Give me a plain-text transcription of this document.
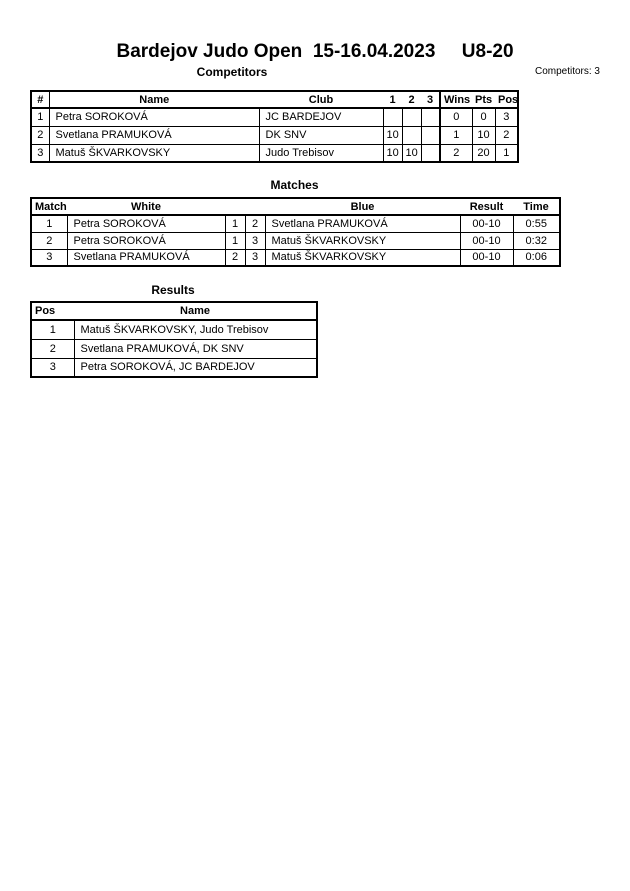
Bardejov Judo Open  15-16.04.2023     U8-20
Competitors	Competitors: 3
#	Name	Club	1	2	3	Wins	Pts	Pos
1	Petra SOROKOVÁ	JC BARDEJOV				0	0	3
2	Svetlana PRAMUKOVÁ	DK SNV	10			1	10	2
3	Matuš ŠKVARKOVSKY	Judo Trebisov	10	10		2	20	1
Matches
Match	White			Blue	Result	Time
1	Petra SOROKOVÁ	1	2	Svetlana PRAMUKOVÁ	00-10	0:55
2	Petra SOROKOVÁ	1	3	Matuš ŠKVARKOVSKY	00-10	0:32
3	Svetlana PRAMUKOVÁ	2	3	Matuš ŠKVARKOVSKY	00-10	0:06
Results
Pos	Name
1	Matuš ŠKVARKOVSKY, Judo Trebisov
2	Svetlana PRAMUKOVÁ, DK SNV
3	Petra SOROKOVÁ, JC BARDEJOV
